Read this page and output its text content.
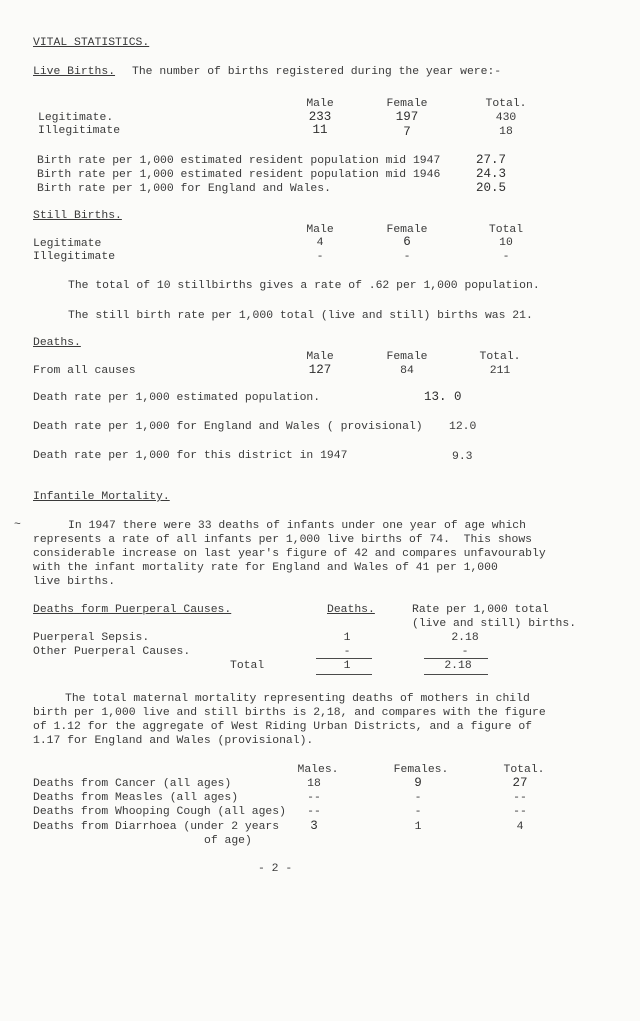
VITAL STATISTICS.
Live Births. The number of births registered during the year were:-
Male	Female	Total.
Legitimate.	233	197	430
Illegitimate	11	7	18
Birth rate per 1,000 estimated resident population mid 1947	27.7
Birth rate per 1,000 estimated resident population mid 1946	24.3
Birth rate per 1,000 for England and Wales.	20.5
Still Births.
Male	Female	Total
Legitimate	4	6	10
Illegitimate	-	-	-
The total of 10 stillbirths gives a rate of .62 per 1,000 population.
The still birth rate per 1,000 total (live and still) births was 21.
Deaths.
Male	Female	Total.
From all causes	127	84	211
Death rate per 1,000 estimated population.	13. 0
Death rate per 1,000 for England and Wales ( provisional) 12.0
Death rate per 1,000 for this district in 1947	9.3
Infantile Mortality.
~	In 1947 there were 33 deaths of infants under one year of age which
represents a rate of all infants per 1,000 live births of 74.  This shows
considerable increase on last year's figure of 42 and compares unfavourably
with the infant mortality rate for England and Wales of 41 per 1,000
live births.
Deaths form Puerperal Causes.	Deaths.	Rate per 1,000 total
(live and still) births.
Puerperal Sepsis.	1	2.18
Other Puerperal Causes.	-	-
Total	1	2.18
The total maternal mortality representing deaths of mothers in child
birth per 1,000 live and still births is 2,18, and compares with the figure
of 1.12 for the aggregate of West Riding Urban Districts, and a figure of
1.17 for England and Wales (provisional).
Males.	Females.	Total.
Deaths from Cancer (all ages)	18	9	27
Deaths from Measles (all ages)	--	-	--
Deaths from Whooping Cough (all ages)	--	-	--
Deaths from Diarrhoea (under 2 years	3	1	4
of age)
- 2 -
